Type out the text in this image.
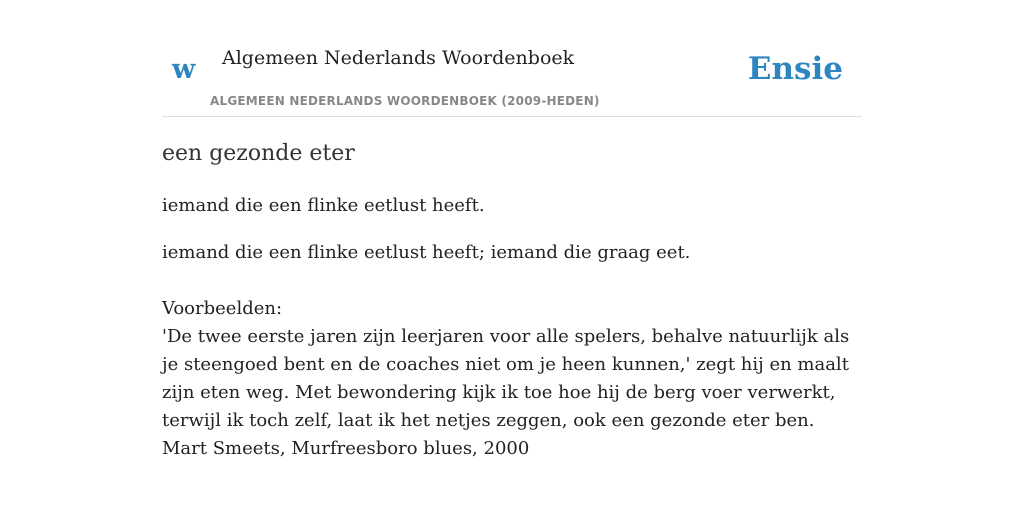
w Algemeen Nederlands Woordenboek
ALGEMEEN NEDERLANDS WOORDENBOEK (2009-HEDEN)
Ensie
een gezonde eter
iemand die een flinke eetlust heeft.
iemand die een flinke eetlust heeft; iemand die graag eet.
Voorbeelden:
'De twee eerste jaren zijn leerjaren voor alle spelers, behalve natuurlijk als je steengoed bent en de coaches niet om je heen kunnen,' zegt hij en maalt zijn eten weg. Met bewondering kijk ik toe hoe hij de berg voer verwerkt, terwijl ik toch zelf, laat ik het netjes zeggen, ook een gezonde eter ben.
Mart Smeets, Murfreesboro blues, 2000
